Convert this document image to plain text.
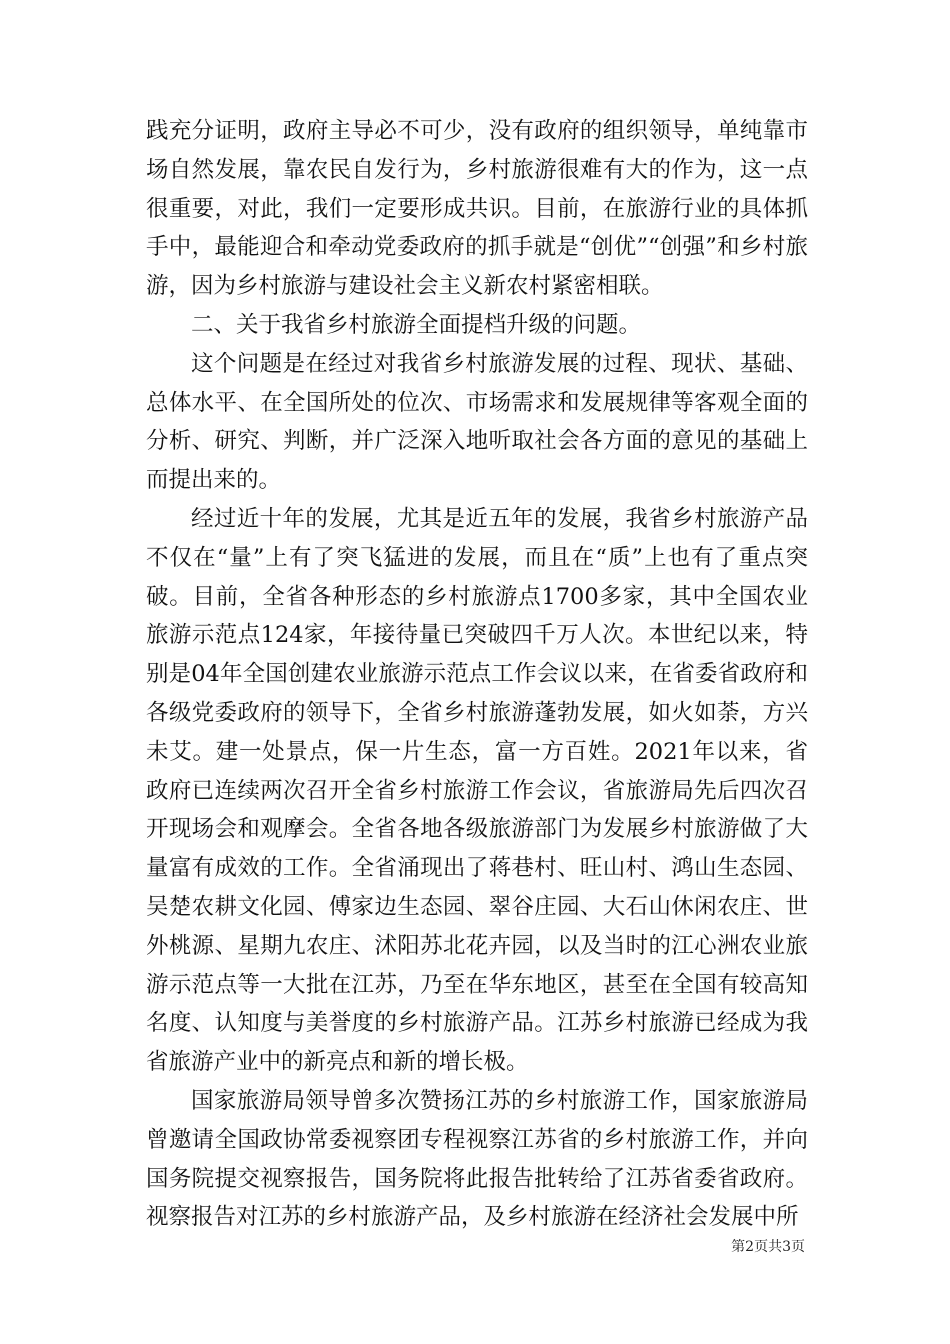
践充分证明，政府主导必不可少，没有政府的组织领导，单纯靠市场自然发展，靠农民自发行为，乡村旅游很难有大的作为，这一点很重要，对此，我们一定要形成共识。目前，在旅游行业的具体抓手中，最能迎合和牵动党委政府的抓手就是“创优”“创强”和乡村旅游，因为乡村旅游与建设社会主义新农村紧密相联。

二、关于我省乡村旅游全面提档升级的问题。

这个问题是在经过对我省乡村旅游发展的过程、现状、基础、总体水平、在全国所处的位次、市场需求和发展规律等客观全面的分析、研究、判断，并广泛深入地听取社会各方面的意见的基础上而提出来的。

经过近十年的发展，尤其是近五年的发展，我省乡村旅游产品不仅在“量”上有了突飞猛进的发展，而且在“质”上也有了重点突破。目前，全省各种形态的乡村旅游点1700多家，其中全国农业旅游示范点124家，年接待量已突破四千万人次。本世纪以来，特别是04年全国创建农业旅游示范点工作会议以来，在省委省政府和各级党委政府的领导下，全省乡村旅游蓬勃发展，如火如荼，方兴未艾。建一处景点，保一片生态，富一方百姓。2021年以来，省政府已连续两次召开全省乡村旅游工作会议，省旅游局先后四次召开现场会和观摩会。全省各地各级旅游部门为发展乡村旅游做了大量富有成效的工作。全省涌现出了蒋巷村、旺山村、鸿山生态园、吴楚农耕文化园、傅家边生态园、翠谷庄园、大石山休闲农庄、世外桃源、星期九农庄、沭阳苏北花卉园，以及当时的江心洲农业旅游示范点等一大批在江苏，乃至在华东地区，甚至在全国有较高知名度、认知度与美誉度的乡村旅游产品。江苏乡村旅游已经成为我省旅游产业中的新亮点和新的增长极。

国家旅游局领导曾多次赞扬江苏的乡村旅游工作，国家旅游局曾邀请全国政协常委视察团专程视察江苏省的乡村旅游工作，并向国务院提交视察报告，国务院将此报告批转给了江苏省委省政府。视察报告对江苏的乡村旅游产品，及乡村旅游在经济社会发展中所

第2页共3页
